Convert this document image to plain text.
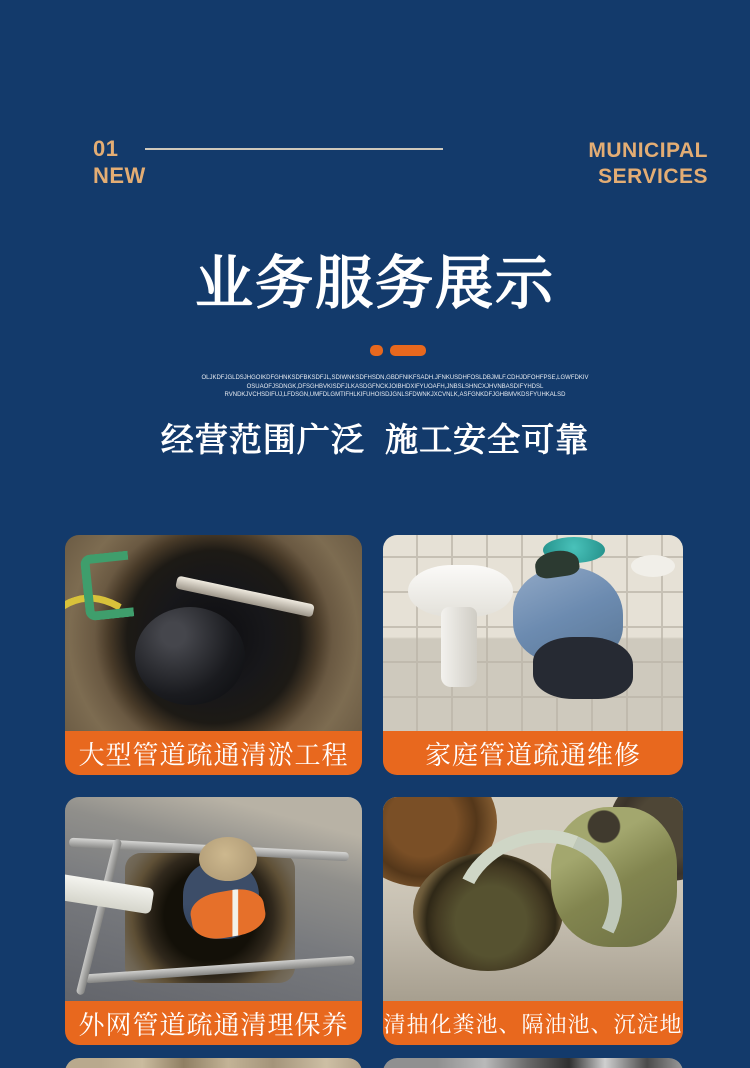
01
NEW
MUNICIPAL
SERVICES
业务服务展示
OLJKDFJGLDSJHGOIKDFGHNKSDFBKSDFJL,SDIWNKSDFHSDN,GBDFNIKFSADH.JFNKUSDHFOSLDBJMLF.CDHJDFOHFPSE,LGWFDKIV
OSUAOFJSDNGK,DFSGHBVKISDFJLKASDGFNCKJOIBHDXIFYUOAFH,JNBSLSHNCXJHVNBASDIFYHDSL
RVNDKJVCHSDIFUJ,LFDSGN,UMFDLGMTIFHLKIFUHOISDJGNLSFDWNKJXCVNLK,ASFGNKDFJGHBMVKDSFYUHKALSD
经营范围广泛  施工安全可靠
大型管道疏通清淤工程	家庭管道疏通维修
外网管道疏通清理保养	清抽化粪池、隔油池、沉淀地
